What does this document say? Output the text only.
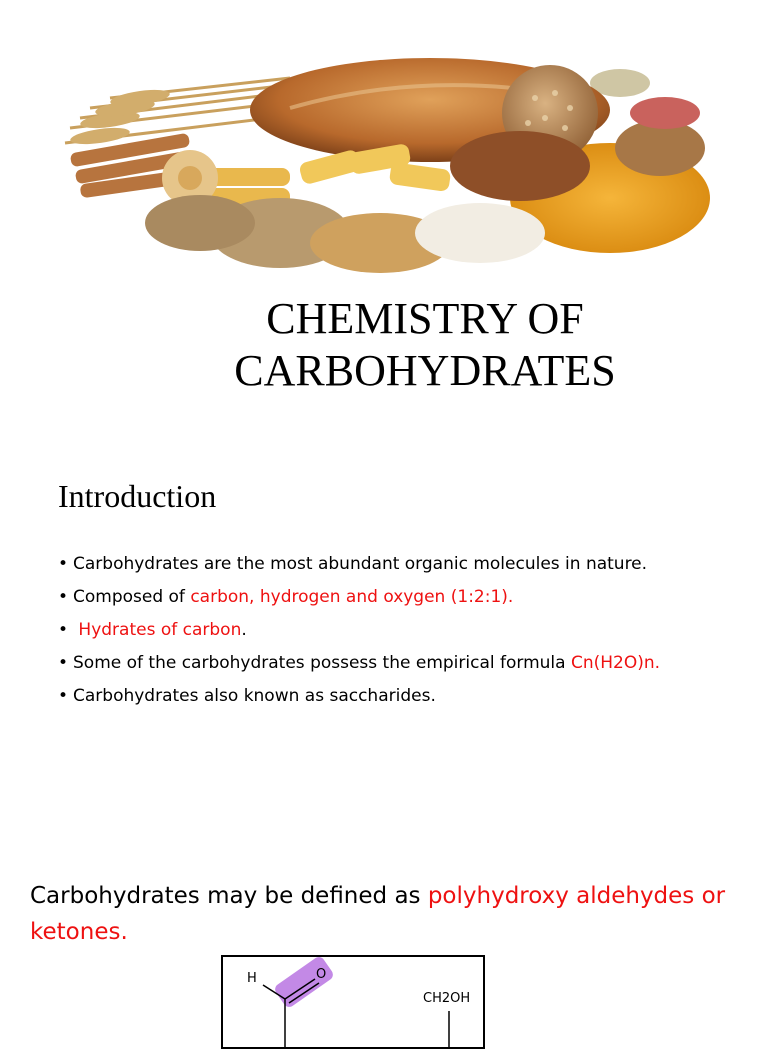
CHEMISTRY OF
CARBOHYDRATES
Introduction
• Carbohydrates are the most abundant organic molecules in nature.
• Composed of carbon, hydrogen and oxygen (1:2:1).
• Hydrates of carbon.
• Some of the carbohydrates possess the empirical formula Cn(H2O)n.
• Carbohydrates also known as saccharides.
Carbohydrates may be defined as polyhydroxy aldehydes or ketones.
H	O
CH2OH
